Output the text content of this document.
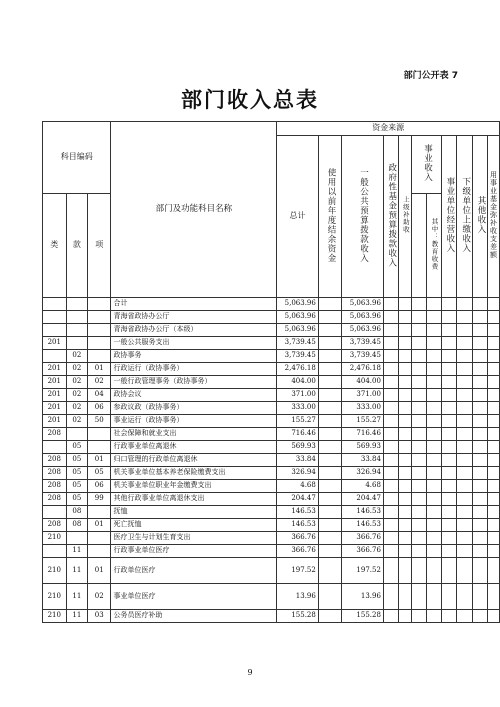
部门公开表 7
部门收入总表
科目编码			部门及功能科目名称	资金来源										
				总计	使用以前年度结余资金	一般公共预算拨款收入	政府性基金预算拨款收入	上级补助收	事业收入		事业单位经营收入	下级单位上缴收入	其他收入	用事业基金弥补收支差额
类	款	项								其中：教育收费				
			合计	5,063.96		5,063.96								
			青海省政协办公厅	5,063.96		5,063.96								
			青海省政协办公厅（本级）	5,063.96		5,063.96								
201			一般公共服务支出	3,739.45		3,739.45								
	02		政协事务	3,739.45		3,739.45								
201	02	01	行政运行（政协事务）	2,476.18		2,476.18								
201	02	02	一般行政管理事务（政协事务）	404.00		404.00								
201	02	04	政协会议	371.00		371.00								
201	02	06	参政议政（政协事务）	333.00		333.00								
201	02	50	事业运行（政协事务）	155.27		155.27								
208			社会保障和就业支出	716.46		716.46								
	05		行政事业单位离退休	569.93		569.93								
208	05	01	归口管理的行政单位离退休	33.84		33.84								
208	05	05	机关事业单位基本养老保险缴费支出	326.94		326.94								
208	05	06	机关事业单位职业年金缴费支出	4.68		4.68								
208	05	99	其他行政事业单位离退休支出	204.47		204.47								
	08		抚恤	146.53		146.53								
208	08	01	死亡抚恤	146.53		146.53								
210			医疗卫生与计划生育支出	366.76		366.76								
	11		行政事业单位医疗	366.76		366.76								
210	11	01	行政单位医疗	197.52		197.52								
210	11	02	事业单位医疗	13.96		13.96								
210	11	03	公务员医疗补助	155.28		155.28								
9
